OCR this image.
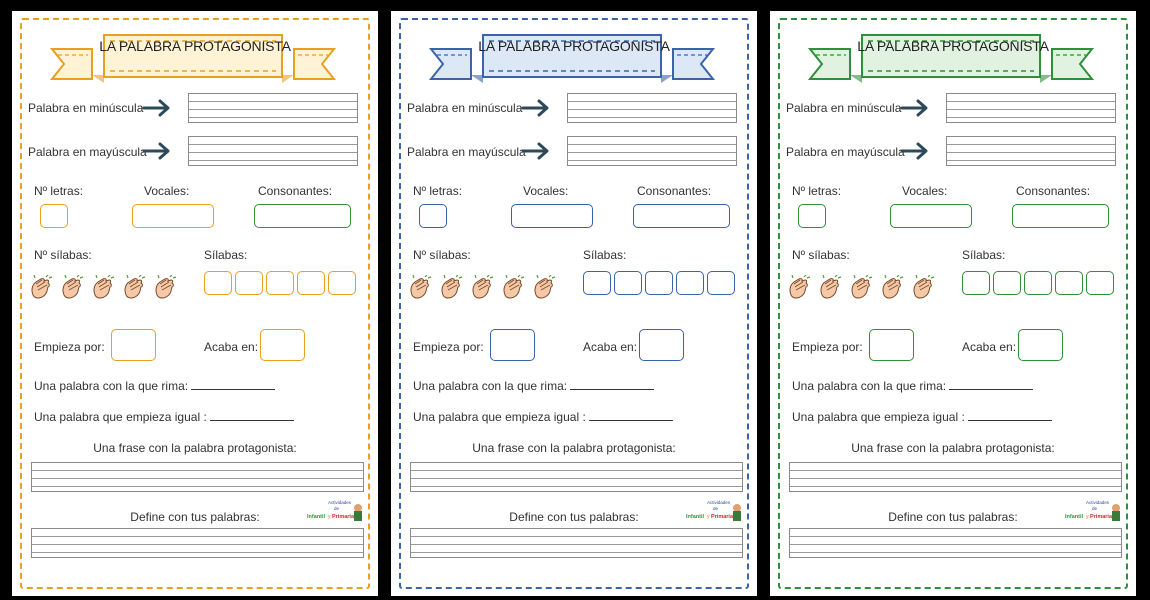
LA PALABRA PROTAGONISTA
Palabra en minúscula
Palabra en mayúscula
Nº letras:	Vocales:	Consonantes:
Nº sílabas:	Sílabas:
Empieza por:	Acaba en:
Una palabra con la que rima:
Una palabra que empieza igual :
Una frase con la palabra protagonista:
Define con tus palabras:
Actividades
de
Infantil y Primaria
LA PALABRA PROTAGONISTA
Palabra en minúscula
Palabra en mayúscula
Nº letras:	Vocales:	Consonantes:
Nº sílabas:	Sílabas:
Empieza por:	Acaba en:
Una palabra con la que rima:
Una palabra que empieza igual :
Una frase con la palabra protagonista:
Define con tus palabras:
Actividades
de
Infantil y Primaria
LA PALABRA PROTAGONISTA
Palabra en minúscula
Palabra en mayúscula
Nº letras:	Vocales:	Consonantes:
Nº sílabas:	Sílabas:
Empieza por:	Acaba en:
Una palabra con la que rima:
Una palabra que empieza igual :
Una frase con la palabra protagonista:
Define con tus palabras:
Actividades
de
Infantil y Primaria
